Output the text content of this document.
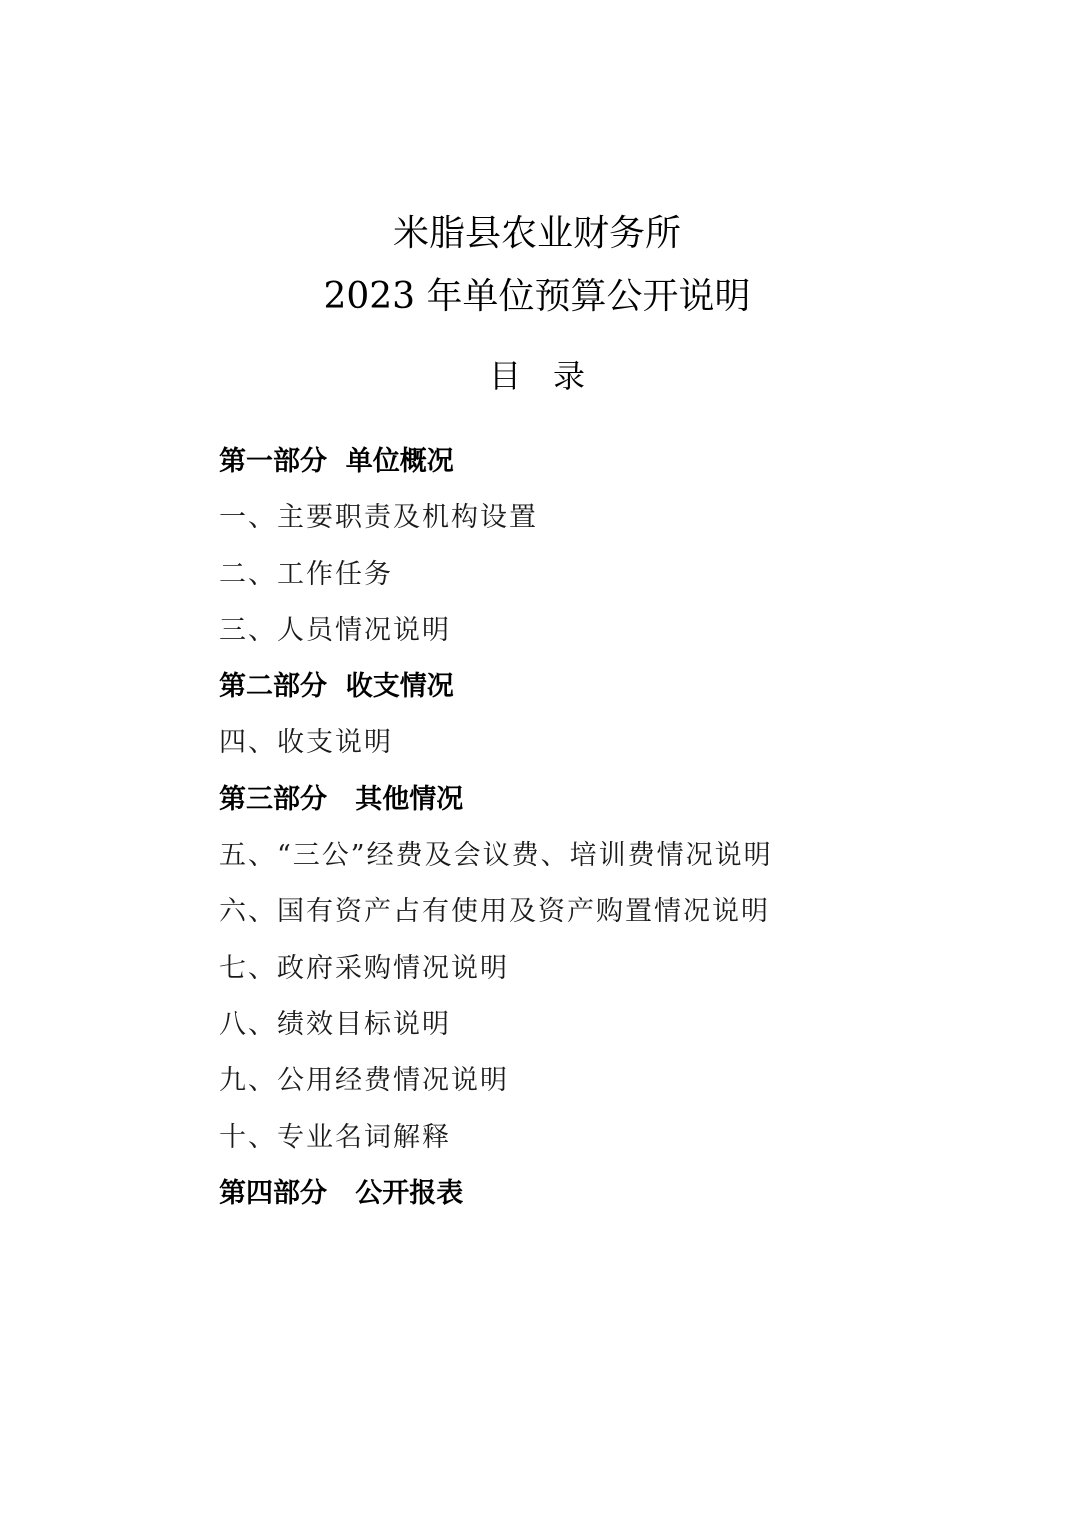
米脂县农业财务所
2023 年单位预算公开说明
目　录
第一部分  单位概况
一、主要职责及机构设置
二、工作任务
三、人员情况说明
第二部分  收支情况
四、收支说明
第三部分   其他情况
五、“三公”经费及会议费、培训费情况说明
六、国有资产占有使用及资产购置情况说明
七、政府采购情况说明
八、绩效目标说明
九、公用经费情况说明
十、专业名词解释
第四部分   公开报表
